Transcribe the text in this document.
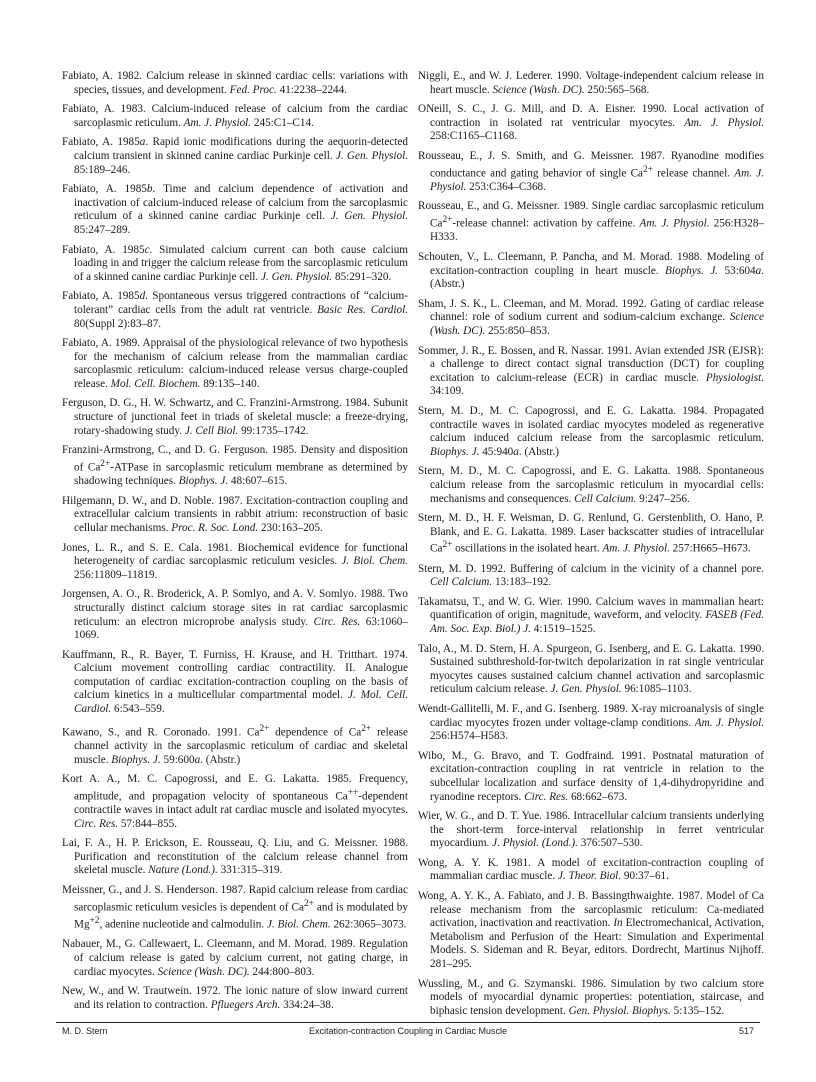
Fabiato, A. 1982. Calcium release in skinned cardiac cells: variations with species, tissues, and development. Fed. Proc. 41:2238–2244.

Fabiato, A. 1983. Calcium-induced release of calcium from the cardiac sarcoplasmic reticulum. Am. J. Physiol. 245:C1–C14.

Fabiato, A. 1985a. Rapid ionic modifications during the aequorin-detected calcium transient in skinned canine cardiac Purkinje cell. J. Gen. Physiol. 85:189–246.

Fabiato, A. 1985b. Time and calcium dependence of activation and inactivation of calcium-induced release of calcium from the sarcoplasmic reticulum of a skinned canine cardiac Purkinje cell. J. Gen. Physiol. 85:247–289.

Fabiato, A. 1985c. Simulated calcium current can both cause calcium loading in and trigger the calcium release from the sarcoplasmic reticulum of a skinned canine cardiac Purkinje cell. J. Gen. Physiol. 85:291–320.

Fabiato, A. 1985d. Spontaneous versus triggered contractions of “calcium-tolerant” cardiac cells from the adult rat ventricle. Basic Res. Cardiol. 80(Suppl 2):83–87.

Fabiato, A. 1989. Appraisal of the physiological relevance of two hypothesis for the mechanism of calcium release from the mammalian cardiac sarcoplasmic reticulum: calcium-induced release versus charge-coupled release. Mol. Cell. Biochem. 89:135–140.

Ferguson, D. G., H. W. Schwartz, and C. Franzini-Armstrong. 1984. Subunit structure of junctional feet in triads of skeletal muscle: a freeze-drying, rotary-shadowing study. J. Cell Biol. 99:1735–1742.

Franzini-Armstrong, C., and D. G. Ferguson. 1985. Density and disposition of $Ca^{2+}$-ATPase in sarcoplasmic reticulum membrane as determined by shadowing techniques. Biophys. J. 48:607–615.

Hilgemann, D. W., and D. Noble. 1987. Excitation-contraction coupling and extracellular calcium transients in rabbit atrium: reconstruction of basic cellular mechanisms. Proc. R. Soc. Lond. 230:163–205.

Jones, L. R., and S. E. Cala. 1981. Biochemical evidence for functional heterogeneity of cardiac sarcoplasmic reticulum vesicles. J. Biol. Chem. 256:11809–11819.

Jorgensen, A. O., R. Broderick, A. P. Somlyo, and A. V. Somlyo. 1988. Two structurally distinct calcium storage sites in rat cardiac sarcoplasmic reticulum: an electron microprobe analysis study. Circ. Res. 63:1060–1069.

Kauffmann, R., R. Bayer, T. Furniss, H. Krause, and H. Tritthart. 1974. Calcium movement controlling cardiac contractility. II. Analogue computation of cardiac excitation-contraction coupling on the basis of calcium kinetics in a multicellular compartmental model. J. Mol. Cell. Cardiol. 6:543–559.

Kawano, S., and R. Coronado. 1991. $Ca^{2+}$ dependence of $Ca^{2+}$ release channel activity in the sarcoplasmic reticulum of cardiac and skeletal muscle. Biophys. J. 59:600a. (Abstr.)

Kort A. A., M. C. Capogrossi, and E. G. Lakatta. 1985. Frequency, amplitude, and propagation velocity of spontaneous Ca++-dependent contractile waves in intact adult rat cardiac muscle and isolated myocytes. Circ. Res. 57:844–855.

Lai, F. A., H. P. Erickson, E. Rousseau, Q. Liu, and G. Meissner. 1988. Purification and reconstitution of the calcium release channel from skeletal muscle. Nature (Lond.). 331:315–319.

Meissner, G., and J. S. Henderson. 1987. Rapid calcium release from cardiac sarcoplasmic reticulum vesicles is dependent of $Ca^{2+}$ and is modulated by $Mg^{+2}$, adenine nucleotide and calmodulin. J. Biol. Chem. 262:3065–3073.

Nabauer, M., G. Callewaert, L. Cleemann, and M. Morad. 1989. Regulation of calcium release is gated by calcium current, not gating charge, in cardiac myocytes. Science (Wash. DC). 244:800–803.

New, W., and W. Trautwein. 1972. The ionic nature of slow inward current and its relation to contraction. Pfluegers Arch. 334:24–38.

Niggli, E., and W. J. Lederer. 1990. Voltage-independent calcium release in heart muscle. Science (Wash. DC). 250:565–568.

ONeill, S. C., J. G. Mill, and D. A. Eisner. 1990. Local activation of contraction in isolated rat ventricular myocytes. Am. J. Physiol. 258:C1165–C1168.

Rousseau, E., J. S. Smith, and G. Meissner. 1987. Ryanodine modifies conductance and gating behavior of single $Ca^{2+}$ release channel. Am. J. Physiol. 253:C364–C368.

Rousseau, E., and G. Meissner. 1989. Single cardiac sarcoplasmic reticulum $Ca^{2+}$-release channel: activation by caffeine. Am. J. Physiol. 256:H328–H333.

Schouten, V., L. Cleemann, P. Pancha, and M. Morad. 1988. Modeling of excitation-contraction coupling in heart muscle. Biophys. J. 53:604a. (Abstr.)

Sham, J. S. K., L. Cleeman, and M. Morad. 1992. Gating of cardiac release channel: role of sodium current and sodium-calcium exchange. Science (Wash. DC). 255:850–853.

Sommer, J. R., E. Bossen, and R. Nassar. 1991. Avian extended JSR (EJSR): a challenge to direct contact signal transduction (DCT) for coupling excitation to calcium-release (ECR) in cardiac muscle. Physiologist. 34:109.

Stern, M. D., M. C. Capogrossi, and E. G. Lakatta. 1984. Propagated contractile waves in isolated cardiac myocytes modeled as regenerative calcium induced calcium release from the sarcoplasmic reticulum. Biophys. J. 45:940a. (Abstr.)

Stern, M. D., M. C. Capogrossi, and E. G. Lakatta. 1988. Spontaneous calcium release from the sarcoplasmic reticulum in myocardial cells: mechanisms and consequences. Cell Calcium. 9:247–256.

Stern, M. D., H. F. Weisman, D. G. Renlund, G. Gerstenblith, O. Hano, P. Blank, and E. G. Lakatta. 1989. Laser backscatter studies of intracellular $Ca^{2+}$ oscillations in the isolated heart. Am. J. Physiol. 257:H665–H673.

Stern, M. D. 1992. Buffering of calcium in the vicinity of a channel pore. Cell Calcium. 13:183–192.

Takamatsu, T., and W. G. Wier. 1990. Calcium waves in mammalian heart: quantification of origin, magnitude, waveform, and velocity. FASEB (Fed. Am. Soc. Exp. Biol.) J. 4:1519–1525.

Talo, A., M. D. Stern, H. A. Spurgeon, G. Isenberg, and E. G. Lakatta. 1990. Sustained subthreshold-for-twitch depolarization in rat single ventricular myocytes causes sustained calcium channel activation and sarcoplasmic reticulum calcium release. J. Gen. Physiol. 96:1085–1103.

Wendt-Gallitelli, M. F., and G. Isenberg. 1989. X-ray microanalysis of single cardiac myocytes frozen under voltage-clamp conditions. Am. J. Physiol. 256:H574–H583.

Wibo, M., G. Bravo, and T. Godfraind. 1991. Postnatal maturation of excitation-contraction coupling in rat ventricle in relation to the subcellular localization and surface density of 1,4-dihydropyridine and ryanodine receptors. Circ. Res. 68:662–673.

Wier, W. G., and D. T. Yue. 1986. Intracellular calcium transients underlying the short-term force-interval relationship in ferret ventricular myocardium. J. Physiol. (Lond.). 376:507–530.

Wong, A. Y. K. 1981. A model of excitation-contraction coupling of mammalian cardiac muscle. J. Theor. Biol. 90:37–61.

Wong, A. Y. K., A. Fabiato, and J. B. Bassingthwaighte. 1987. Model of Ca release mechanism from the sarcoplasmic reticulum: Ca-mediated activation, inactivation and reactivation. In Electromechanical, Activation, Metabolism and Perfusion of the Heart: Simulation and Experimental Models. S. Sideman and R. Beyar, editors. Dordrecht, Martinus Nijhoff. 281–295.

Wussling, M., and G. Szymanski. 1986. Simulation by two calcium store models of myocardial dynamic properties: potentiation, staircase, and biphasic tension development. Gen. Physiol. Biophys. 5:135–152.

M. D. Stern	Excitation-contraction Coupling in Cardiac Muscle	517
